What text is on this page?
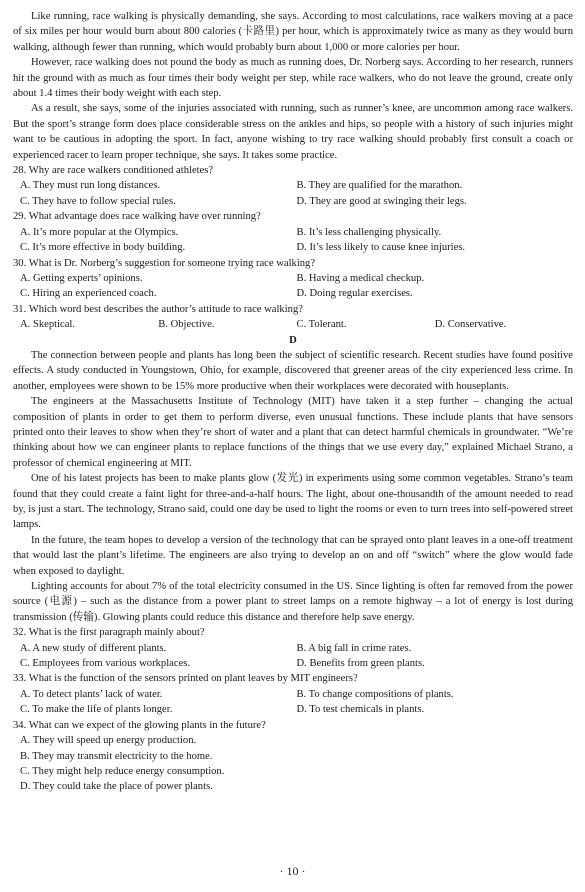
Like running, race walking is physically demanding, she says. According to most calculations, race walkers moving at a pace of six miles per hour would burn about 800 calories (卡路里) per hour, which is approximately twice as many as they would burn walking, although fewer than running, which would probably burn about 1,000 or more calories per hour.

However, race walking does not pound the body as much as running does, Dr. Norberg says. According to her research, runners hit the ground with as much as four times their body weight per step, while race walkers, who do not leave the ground, create only about 1.4 times their body weight with each step.

As a result, she says, some of the injuries associated with running, such as runner’s knee, are uncommon among race walkers. But the sport’s strange form does place considerable stress on the ankles and hips, so people with a history of such injuries might want to be cautious in adopting the sport. In fact, anyone wishing to try race walking should probably first consult a coach or experienced racer to learn proper technique, she says. It takes some practice.

28. Why are race walkers conditioned athletes?
A. They must run long distances.	B. They are qualified for the marathon.
C. They have to follow special rules.	D. They are good at swinging their legs.
29. What advantage does race walking have over running?
A. It’s more popular at the Olympics.	B. It’s less challenging physically.
C. It’s more effective in body building.	D. It’s less likely to cause knee injuries.
30. What is Dr. Norberg’s suggestion for someone trying race walking?
A. Getting experts’ opinions.	B. Having a medical checkup.
C. Hiring an experienced coach.	D. Doing regular exercises.
31. Which word best describes the author’s attitude to race walking?
A. Skeptical.	B. Objective.	C. Tolerant.	D. Conservative.
D

The connection between people and plants has long been the subject of scientific research. Recent studies have found positive effects. A study conducted in Youngstown, Ohio, for example, discovered that greener areas of the city experienced less crime. In another, employees were shown to be 15% more productive when their workplaces were decorated with houseplants.

The engineers at the Massachusetts Institute of Technology (MIT) have taken it a step further – changing the actual composition of plants in order to get them to perform diverse, even unusual functions. These include plants that have sensors printed onto their leaves to show when they’re short of water and a plant that can detect harmful chemicals in groundwater. “We’re thinking about how we can engineer plants to replace functions of the things that we use every day,” explained Michael Strano, a professor of chemical engineering at MIT.

One of his latest projects has been to make plants glow (发光) in experiments using some common vegetables. Strano’s team found that they could create a faint light for three-and-a-half hours. The light, about one-thousandth of the amount needed to read by, is just a start. The technology, Strano said, could one day be used to light the rooms or even to turn trees into self-powered street lamps.

In the future, the team hopes to develop a version of the technology that can be sprayed onto plant leaves in a one-off treatment that would last the plant’s lifetime. The engineers are also trying to develop an on and off “switch” where the glow would fade when exposed to daylight.

Lighting accounts for about 7% of the total electricity consumed in the US. Since lighting is often far removed from the power source (电源) – such as the distance from a power plant to street lamps on a remote highway – a lot of energy is lost during transmission (传输). Glowing plants could reduce this distance and therefore help save energy.

32. What is the first paragraph mainly about?
A. A new study of different plants.	B. A big fall in crime rates.
C. Employees from various workplaces.	D. Benefits from green plants.
33. What is the function of the sensors printed on plant leaves by MIT engineers?
A. To detect plants’ lack of water.	B. To change compositions of plants.
C. To make the life of plants longer.	D. To test chemicals in plants.
34. What can we expect of the glowing plants in the future?
A. They will speed up energy production.
B. They may transmit electricity to the home.
C. They might help reduce energy consumption.
D. They could take the place of power plants.
· 10 ·
